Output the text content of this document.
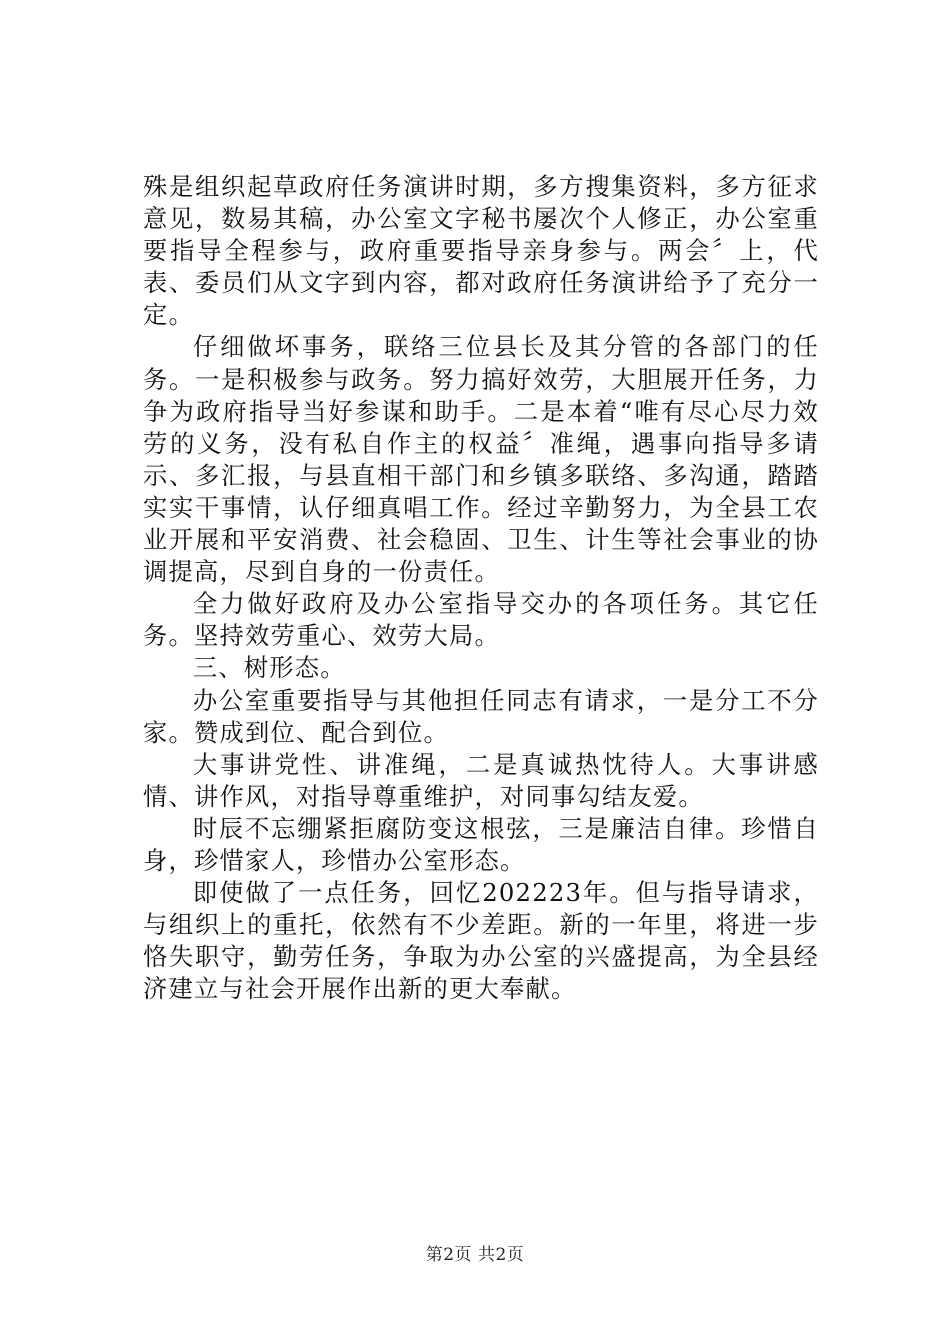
殊是组织起草政府任务演讲时期，多方搜集资料，多方征求意见，数易其稿，办公室文字秘书屡次个人修正，办公室重要指导全程参与，政府重要指导亲身参与。两会〞上，代表、委员们从文字到内容，都对政府任务演讲给予了充分一定。

仔细做坏事务，联络三位县长及其分管的各部门的任务。一是积极参与政务。努力搞好效劳，大胆展开任务，力争为政府指导当好参谋和助手。二是本着“唯有尽心尽力效劳的义务，没有私自作主的权益〞准绳，遇事向指导多请示、多汇报，与县直相干部门和乡镇多联络、多沟通，踏踏实实干事情，认仔细真唱工作。经过辛勤努力，为全县工农业开展和平安消费、社会稳固、卫生、计生等社会事业的协调提高，尽到自身的一份责任。

全力做好政府及办公室指导交办的各项任务。其它任务。坚持效劳重心、效劳大局。

三、树形态。

办公室重要指导与其他担任同志有请求，一是分工不分家。赞成到位、配合到位。

大事讲党性、讲准绳，二是真诚热忱待人。大事讲感情、讲作风，对指导尊重维护，对同事勾结友爱。

时辰不忘绷紧拒腐防变这根弦，三是廉洁自律。珍惜自身，珍惜家人，珍惜办公室形态。

即使做了一点任务，回忆202223年。但与指导请求，与组织上的重托，依然有不少差距。新的一年里，将进一步恪失职守，勤劳任务，争取为办公室的兴盛提高，为全县经济建立与社会开展作出新的更大奉献。

第2页 共2页
